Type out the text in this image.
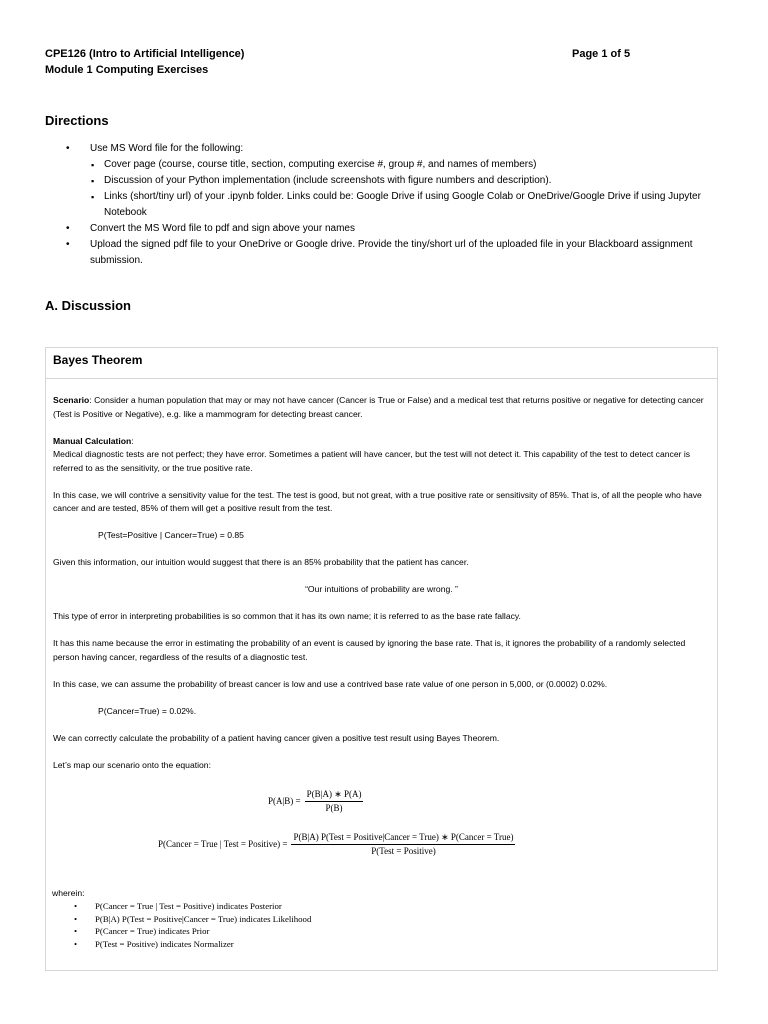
CPE126 (Intro to Artificial Intelligence)
Module 1 Computing Exercises
Page 1 of 5
Directions
• Use MS Word file for the following:
▪ Cover page (course, course title, section, computing exercise #, group #, and names of members)
▪ Discussion of your Python implementation (include screenshots with figure numbers and description).
▪ Links (short/tiny url) of your .ipynb folder. Links could be: Google Drive if using Google Colab or OneDrive/Google Drive if using Jupyter Notebook
• Convert the MS Word file to pdf and sign above your names
• Upload the signed pdf file to your OneDrive or Google drive. Provide the tiny/short url of the uploaded file in your Blackboard assignment submission.
A. Discussion
Bayes Theorem

Scenario: Consider a human population that may or may not have cancer (Cancer is True or False) and a medical test that returns positive or negative for detecting cancer (Test is Positive or Negative), e.g. like a mammogram for detecting breast cancer.

Manual Calculation:
Medical diagnostic tests are not perfect; they have error. Sometimes a patient will have cancer, but the test will not detect it. This capability of the test to detect cancer is referred to as the sensitivity, or the true positive rate.

In this case, we will contrive a sensitivity value for the test. The test is good, but not great, with a true positive rate or sensitivsity of 85%. That is, of all the people who have cancer and are tested, 85% of them will get a positive result from the test.

P(Test=Positive | Cancer=True) = 0.85

Given this information, our intuition would suggest that there is an 85% probability that the patient has cancer.

“Our intuitions of probability are wrong. ”

This type of error in interpreting probabilities is so common that it has its own name; it is referred to as the base rate fallacy.

It has this name because the error in estimating the probability of an event is caused by ignoring the base rate. That is, it ignores the probability of a randomly selected person having cancer, regardless of the results of a diagnostic test.

In this case, we can assume the probability of breast cancer is low and use a contrived base rate value of one person in 5,000, or (0.0002) 0.02%.

P(Cancer=True) = 0.02%.

We can correctly calculate the probability of a patient having cancer given a positive test result using Bayes Theorem.

Let’s map our scenario onto the equation:

$P(A|B) = \frac{P(B|A) ∗ P(A)}{P(B)}$
P(Cancer = True | Test = Positive) = $\frac{\text{P(B|A) P(Test = Positive|Cancer = True) ∗ P(Cancer = True)}}{\text{P(Test = Positive)}}$
wherein:
• P(Cancer = True | Test = Positive) indicates Posterior
• P(B|A) P(Test = Positive|Cancer = True) indicates Likelihood
• P(Cancer = True) indicates Prior
• P(Test = Positive) indicates Normalizer
